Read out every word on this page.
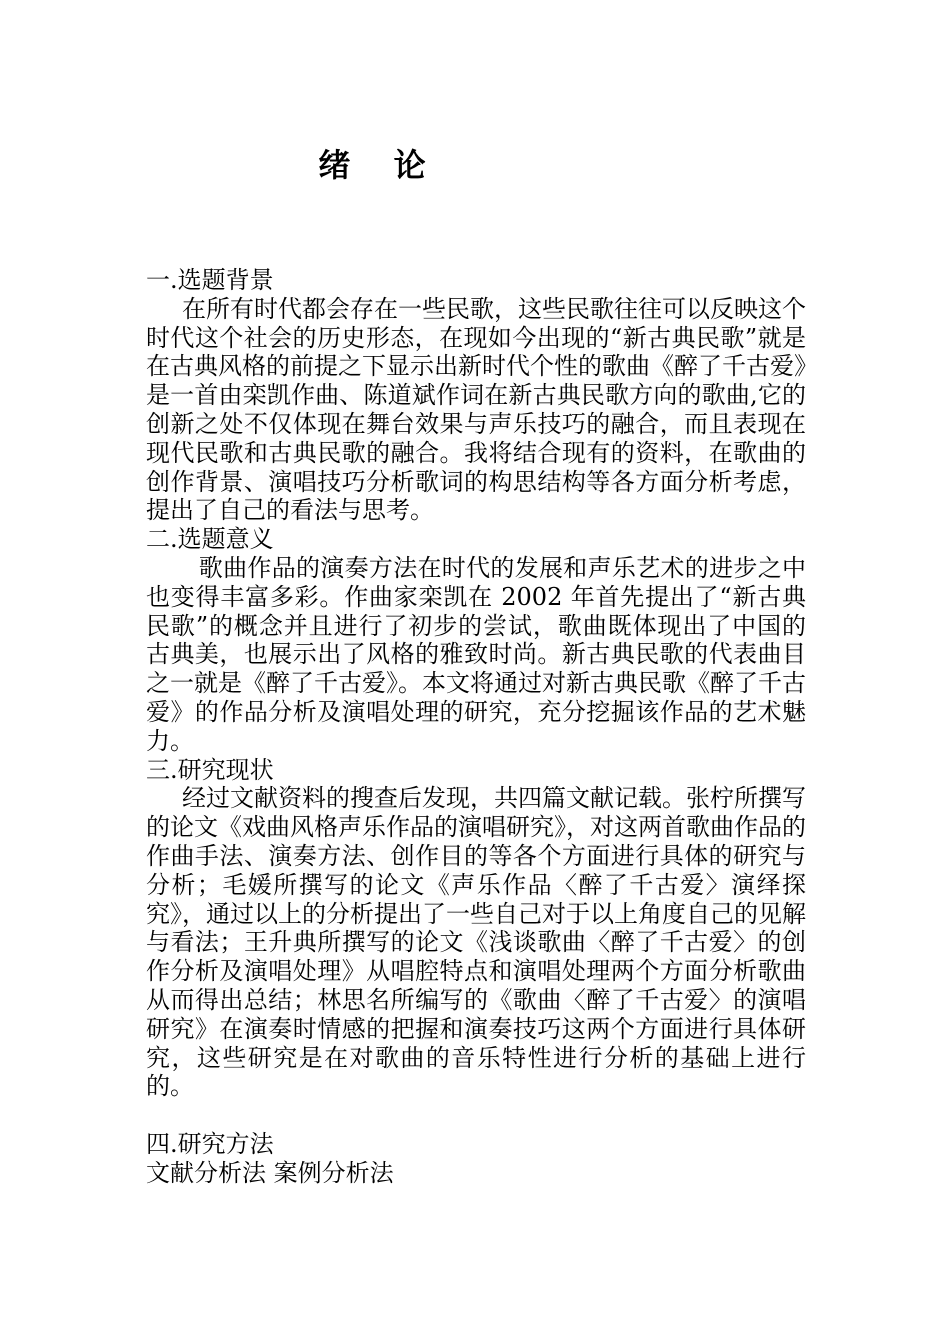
绪 论

一.选题背景

在所有时代都会存在一些民歌，这些民歌往往可以反映这个时代这个社会的历史形态，在现如今出现的“新古典民歌”就是在古典风格的前提之下显示出新时代个性的歌曲《醉了千古爱》是一首由栾凯作曲、陈道斌作词在新古典民歌方向的歌曲,它的创新之处不仅体现在舞台效果与声乐技巧的融合，而且表现在现代民歌和古典民歌的融合。我将结合现有的资料，在歌曲的创作背景、演唱技巧分析歌词的构思结构等各方面分析考虑，提出了自己的看法与思考。

二.选题意义

歌曲作品的演奏方法在时代的发展和声乐艺术的进步之中也变得丰富多彩。作曲家栾凯在 2002 年首先提出了“新古典民歌”的概念并且进行了初步的尝试，歌曲既体现出了中国的古典美，也展示出了风格的雅致时尚。新古典民歌的代表曲目之一就是《醉了千古爱》。本文将通过对新古典民歌《醉了千古爱》的作品分析及演唱处理的研究，充分挖掘该作品的艺术魅力。

三.研究现状

经过文献资料的搜查后发现，共四篇文献记载。张柠所撰写的论文《戏曲风格声乐作品的演唱研究》，对这两首歌曲作品的作曲手法、演奏方法、创作目的等各个方面进行具体的研究与分析；毛媛所撰写的论文《声乐作品〈醉了千古爱〉演绎探究》，通过以上的分析提出了一些自己对于以上角度自己的见解与看法；王升典所撰写的论文《浅谈歌曲〈醉了千古爱〉的创作分析及演唱处理》从唱腔特点和演唱处理两个方面分析歌曲从而得出总结；林思名所编写的《歌曲〈醉了千古爱〉的演唱研究》在演奏时情感的把握和演奏技巧这两个方面进行具体研究，这些研究是在对歌曲的音乐特性进行分析的基础上进行的。

四.研究方法

文献分析法 案例分析法
